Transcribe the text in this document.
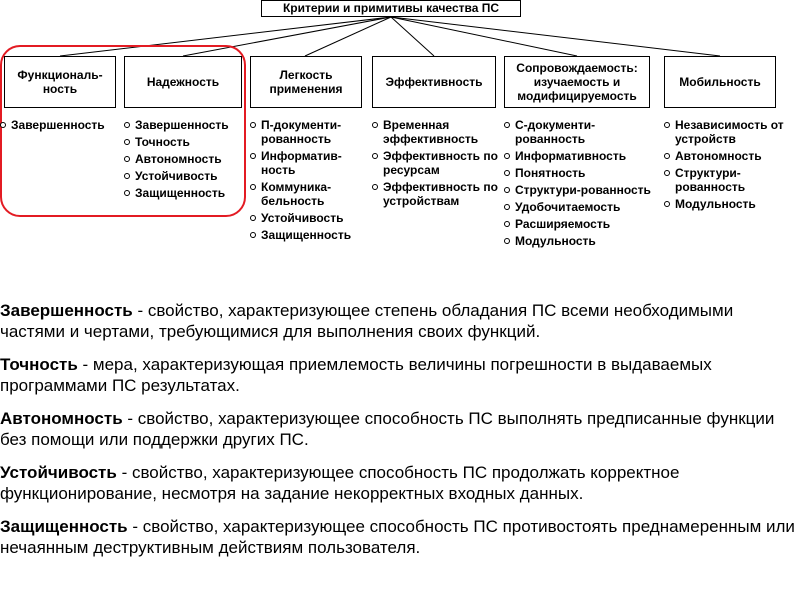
Критерии и примитивы качества ПС
Функциональ-ность	Надежность	Легкость применения	Эффективность
Сопровождаемость: изучаемость и модифицируемость
Мобильность
Завершенность	Завершенность
Точность
Автономность
Устойчивость
Защищенность
П-документи-рованность
Информатив-ность
Коммуника-бельность
Устойчивость
Защищенность
Временная эффективность
Эффективность по ресурсам
Эффективность по устройствам
С-документи-рованность
Информативность
Понятность
Структури-рованность
Удобочитаемость
Расширяемость
Модульность
Независимость от устройств
Автономность
Структури-рованность
Модульность

Завершенность - свойство, характеризующее степень обладания ПС всеми необходимыми частями и чертами, требующимися для выполнения своих функций.

Точность - мера, характеризующая приемлемость величины погрешности в выдаваемых программами ПС результатах.

Автономность - свойство, характеризующее способность ПС выполнять предписанные функции без помощи или поддержки других ПС.

Устойчивость - свойство, характеризующее способность ПС продолжать корректное функционирование, несмотря на задание некорректных входных данных.

Защищенность - свойство, характеризующее способность ПС противостоять преднамеренным или нечаянным деструктивным действиям пользователя.
